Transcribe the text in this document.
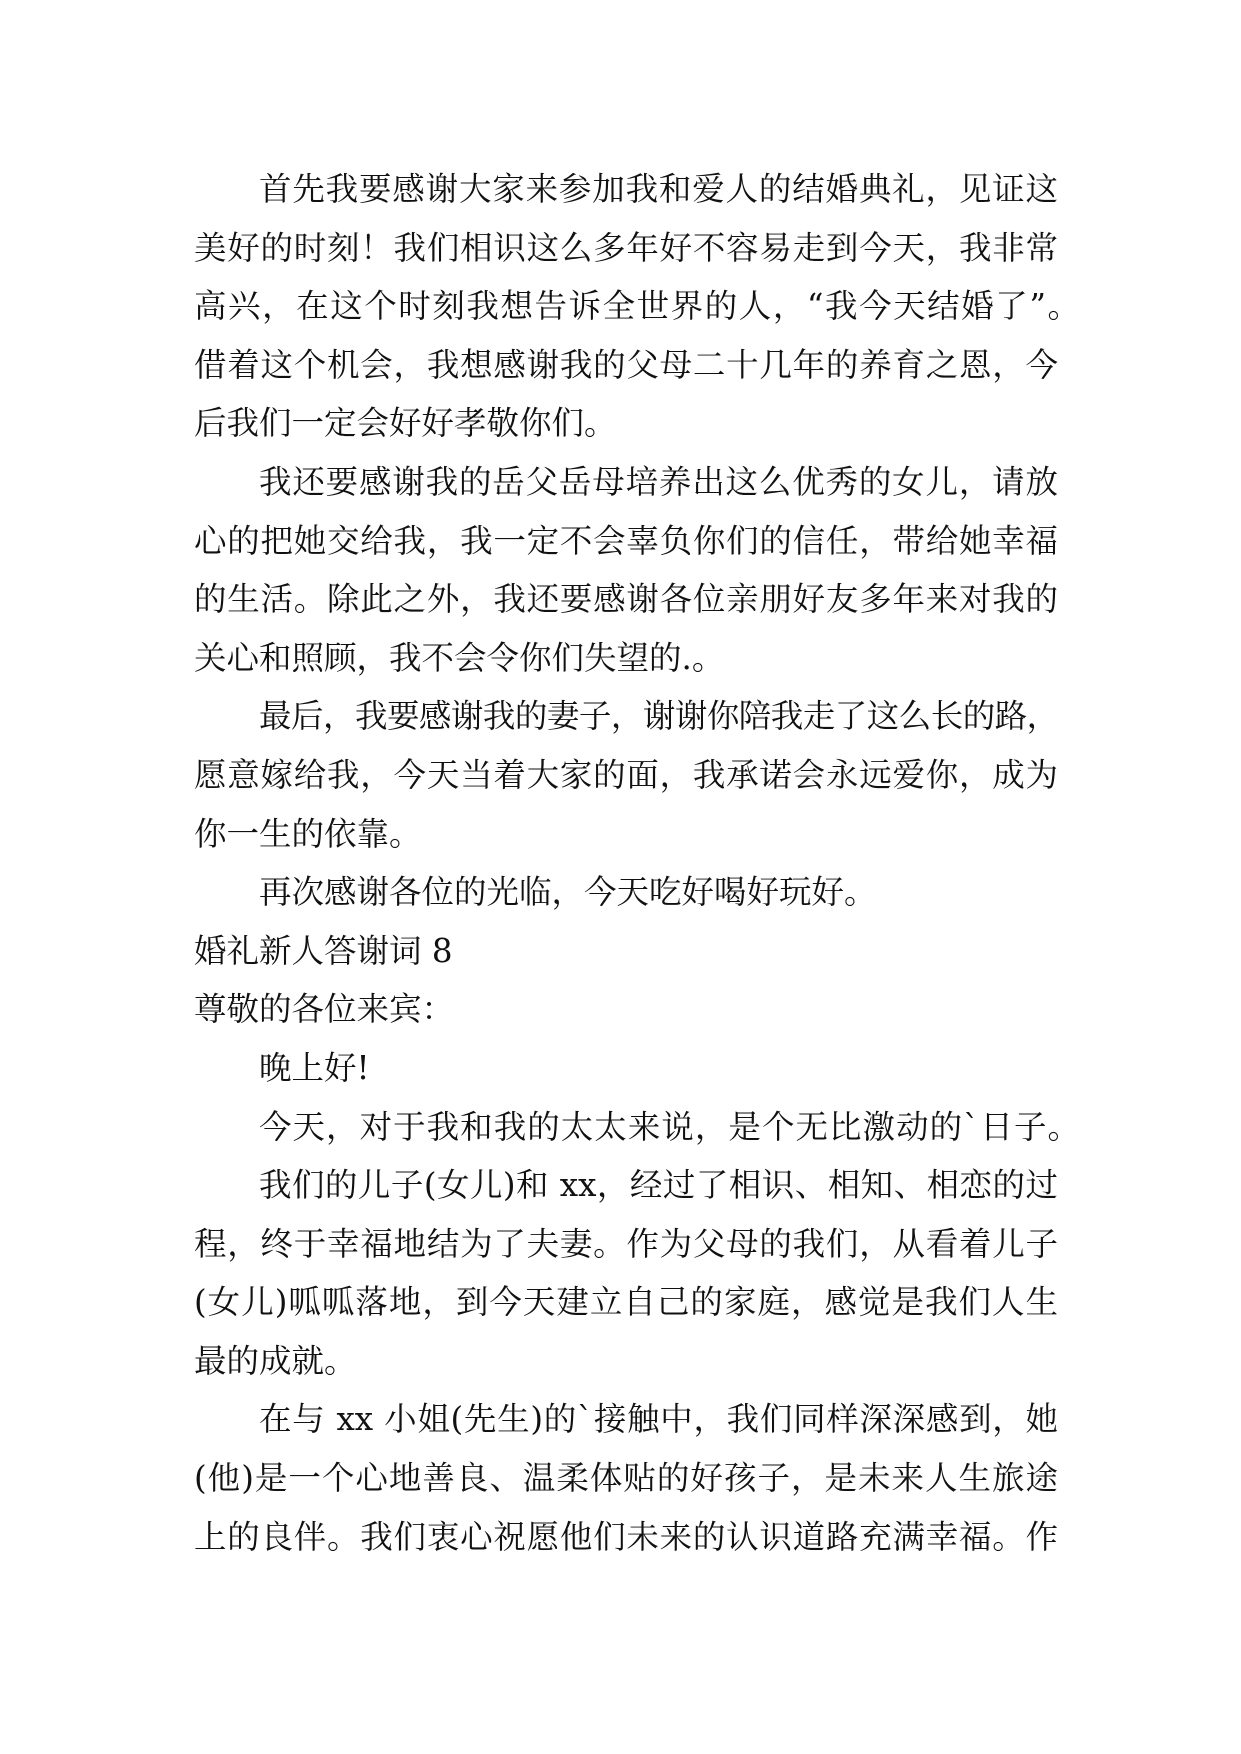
首先我要感谢大家来参加我和爱人的结婚典礼，见证这
美好的时刻！我们相识这么多年好不容易走到今天，我非常
高兴，在这个时刻我想告诉全世界的人，“我今天结婚了”。
借着这个机会，我想感谢我的父母二十几年的养育之恩，今
后我们一定会好好孝敬你们。
我还要感谢我的岳父岳母培养出这么优秀的女儿，请放
心的把她交给我，我一定不会辜负你们的信任，带给她幸福
的生活。除此之外，我还要感谢各位亲朋好友多年来对我的
关心和照顾，我不会令你们失望的.。
最后，我要感谢我的妻子，谢谢你陪我走了这么长的路，
愿意嫁给我，今天当着大家的面，我承诺会永远爱你，成为
你一生的依靠。
再次感谢各位的光临，今天吃好喝好玩好。
婚礼新人答谢词 8
尊敬的各位来宾：
晚上好!
今天，对于我和我的太太来说，是个无比激动的`日子。
我们的儿子(女儿)和 xx，经过了相识、相知、相恋的过
程，终于幸福地结为了夫妻。作为父母的我们，从看着儿子
(女儿)呱呱落地，到今天建立自己的家庭，感觉是我们人生
最的成就。
在与 xx 小姐(先生)的`接触中，我们同样深深感到，她
(他)是一个心地善良、温柔体贴的好孩子，是未来人生旅途
上的良伴。我们衷心祝愿他们未来的认识道路充满幸福。作
